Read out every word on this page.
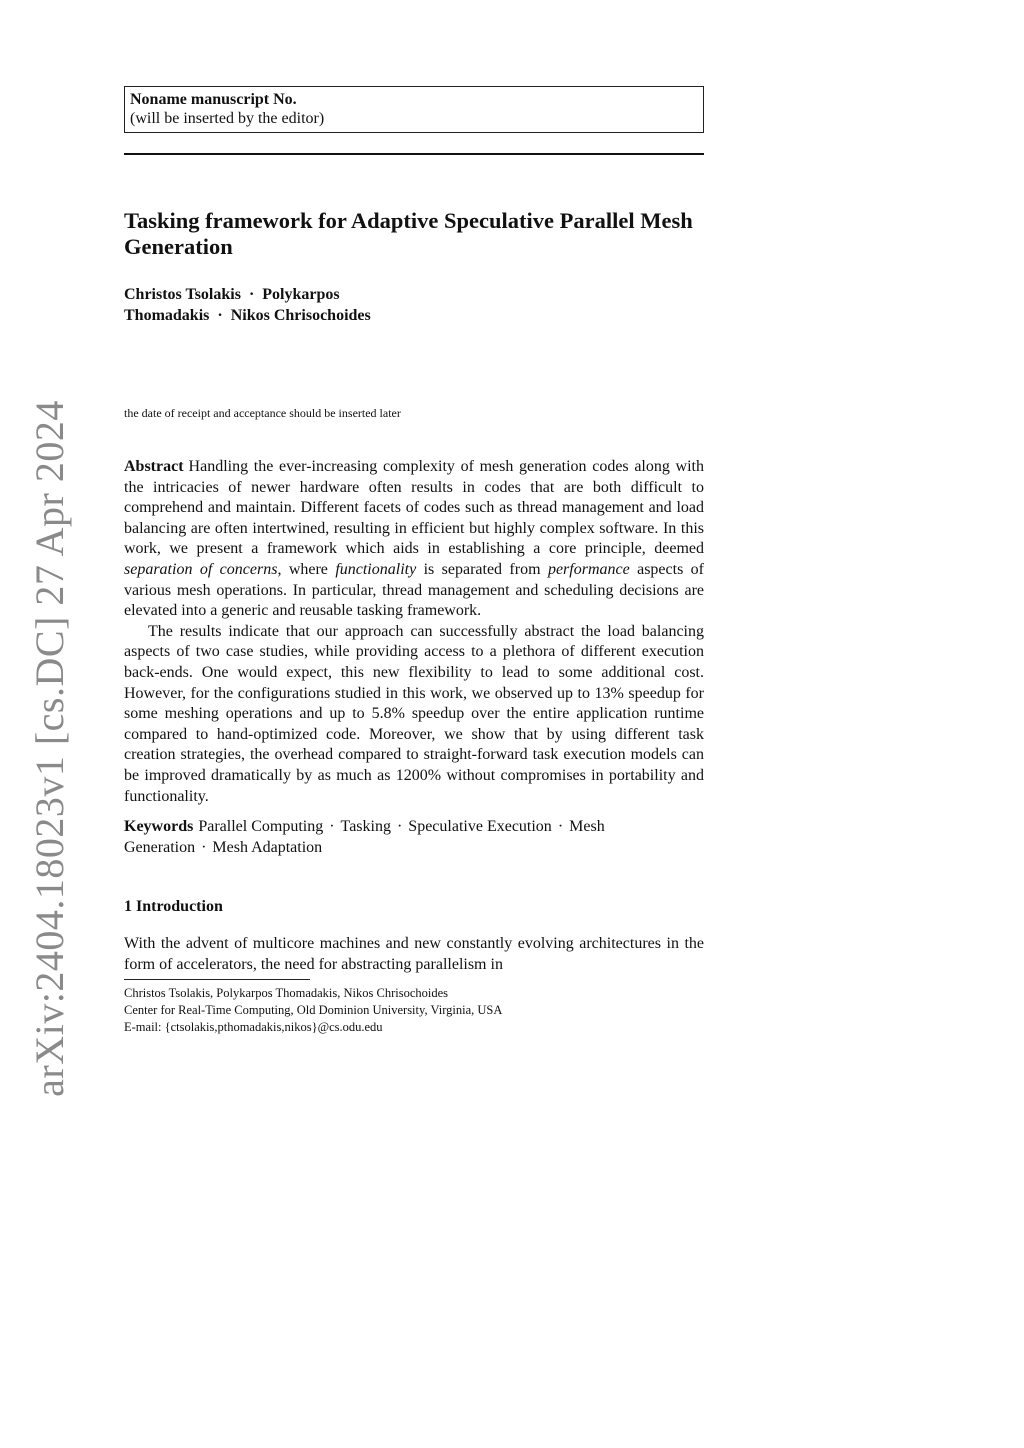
arXiv:2404.18023v1 [cs.DC] 27 Apr 2024
Noname manuscript No.
(will be inserted by the editor)
Tasking framework for Adaptive Speculative Parallel Mesh Generation
Christos Tsolakis · Polykarpos
Thomadakis · Nikos Chrisochoides
the date of receipt and acceptance should be inserted later

Abstract Handling the ever-increasing complexity of mesh generation codes along with the intricacies of newer hardware often results in codes that are both difficult to comprehend and maintain. Different facets of codes such as thread management and load balancing are often intertwined, resulting in efficient but highly complex software. In this work, we present a framework which aids in establishing a core principle, deemed separation of concerns, where functionality is separated from performance aspects of various mesh operations. In particular, thread management and scheduling decisions are elevated into a generic and reusable tasking framework.

The results indicate that our approach can successfully abstract the load balancing aspects of two case studies, while providing access to a plethora of different execution back-ends. One would expect, this new flexibility to lead to some additional cost. However, for the configurations studied in this work, we observed up to 13% speedup for some meshing operations and up to 5.8% speedup over the entire application runtime compared to hand-optimized code. Moreover, we show that by using different task creation strategies, the overhead compared to straight-forward task execution models can be improved dramatically by as much as 1200% without compromises in portability and functionality.

Keywords Parallel Computing · Tasking · Speculative Execution · Mesh Generation · Mesh Adaptation
1 Introduction
With the advent of multicore machines and new constantly evolving architectures in the form of accelerators, the need for abstracting parallelism in
Christos Tsolakis, Polykarpos Thomadakis, Nikos Chrisochoides
Center for Real-Time Computing, Old Dominion University, Virginia, USA
E-mail: {ctsolakis,pthomadakis,nikos}@cs.odu.edu
